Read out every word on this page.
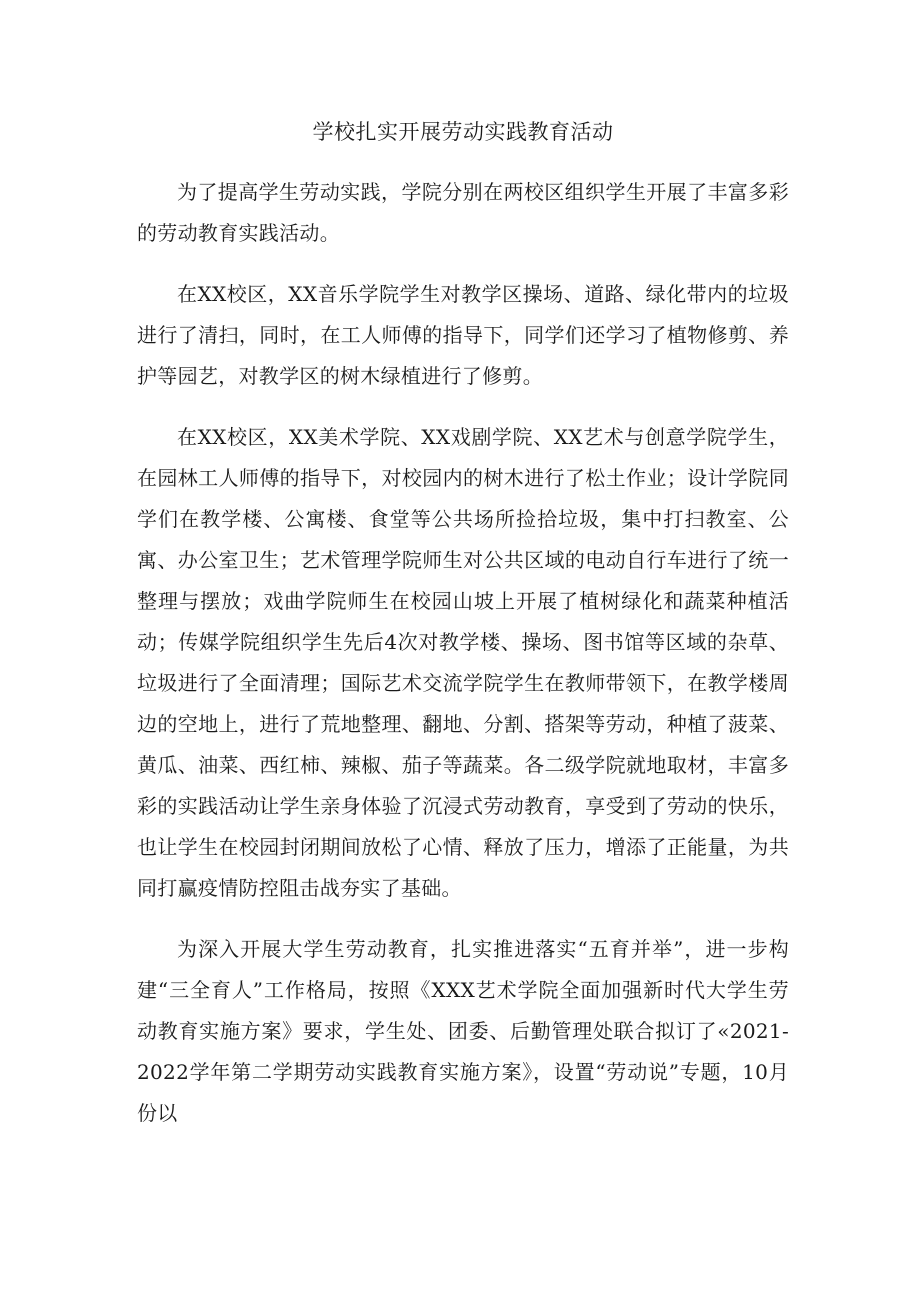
学校扎实开展劳动实践教育活动

为了提高学生劳动实践，学院分别在两校区组织学生开展了丰富多彩的劳动教育实践活动。

在XX校区，XX音乐学院学生对教学区操场、道路、绿化带内的垃圾进行了清扫，同时，在工人师傅的指导下，同学们还学习了植物修剪、养护等园艺，对教学区的树木绿植进行了修剪。

在XX校区，XX美术学院、XX戏剧学院、XX艺术与创意学院学生，在园林工人师傅的指导下，对校园内的树木进行了松土作业；设计学院同学们在教学楼、公寓楼、食堂等公共场所捡拾垃圾，集中打扫教室、公寓、办公室卫生；艺术管理学院师生对公共区域的电动自行车进行了统一整理与摆放；戏曲学院师生在校园山坡上开展了植树绿化和蔬菜种植活动；传媒学院组织学生先后4次对教学楼、操场、图书馆等区域的杂草、垃圾进行了全面清理；国际艺术交流学院学生在教师带领下，在教学楼周边的空地上，进行了荒地整理、翻地、分割、搭架等劳动，种植了菠菜、黄瓜、油菜、西红柿、辣椒、茄子等蔬菜。各二级学院就地取材，丰富多彩的实践活动让学生亲身体验了沉浸式劳动教育，享受到了劳动的快乐，也让学生在校园封闭期间放松了心情、释放了压力，增添了正能量，为共同打赢疫情防控阻击战夯实了基础。

为深入开展大学生劳动教育，扎实推进落实“五育并举”，进一步构建“三全育人”工作格局，按照《XXX艺术学院全面加强新时代大学生劳动教育实施方案》要求，学生处、团委、后勤管理处联合拟订了«2021-2022学年第二学期劳动实践教育实施方案》，设置“劳动说”专题，10月份以
